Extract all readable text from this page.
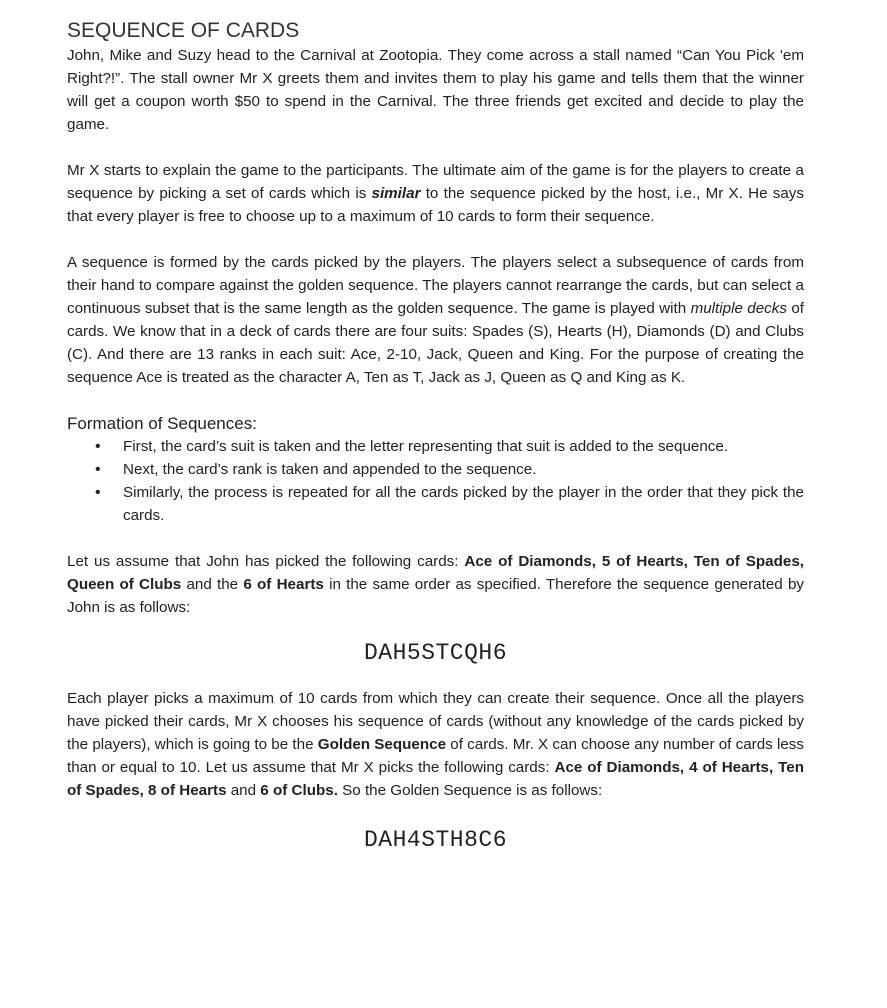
SEQUENCE OF CARDS

John, Mike and Suzy head to the Carnival at Zootopia. They come across a stall named “Can You Pick 'em Right?!”. The stall owner Mr X greets them and invites them to play his game and tells them that the winner will get a coupon worth $50 to spend in the Carnival. The three friends get excited and decide to play the game.

Mr X starts to explain the game to the participants. The ultimate aim of the game is for the players to create a sequence by picking a set of cards which is similar to the sequence picked by the host, i.e., Mr X. He says that every player is free to choose up to a maximum of 10 cards to form their sequence.

A sequence is formed by the cards picked by the players. The players select a subsequence of cards from their hand to compare against the golden sequence. The players cannot rearrange the cards, but can select a continuous subset that is the same length as the golden sequence. The game is played with multiple decks of cards. We know that in a deck of cards there are four suits: Spades (S), Hearts (H), Diamonds (D) and Clubs (C). And there are 13 ranks in each suit: Ace, 2-10, Jack, Queen and King. For the purpose of creating the sequence Ace is treated as the character A, Ten as T, Jack as J, Queen as Q and King as K.

Formation of Sequences:
• First, the card’s suit is taken and the letter representing that suit is added to the sequence.
• Next, the card’s rank is taken and appended to the sequence.
• Similarly, the process is repeated for all the cards picked by the player in the order that they pick the cards.

Let us assume that John has picked the following cards: Ace of Diamonds, 5 of Hearts, Ten of Spades, Queen of Clubs and the 6 of Hearts in the same order as specified. Therefore the sequence generated by John is as follows:

DAH5STCQH6

Each player picks a maximum of 10 cards from which they can create their sequence. Once all the players have picked their cards, Mr X chooses his sequence of cards (without any knowledge of the cards picked by the players), which is going to be the Golden Sequence of cards. Mr. X can choose any number of cards less than or equal to 10. Let us assume that Mr X picks the following cards: Ace of Diamonds, 4 of Hearts, Ten of Spades, 8 of Hearts and 6 of Clubs. So the Golden Sequence is as follows:

DAH4STH8C6
